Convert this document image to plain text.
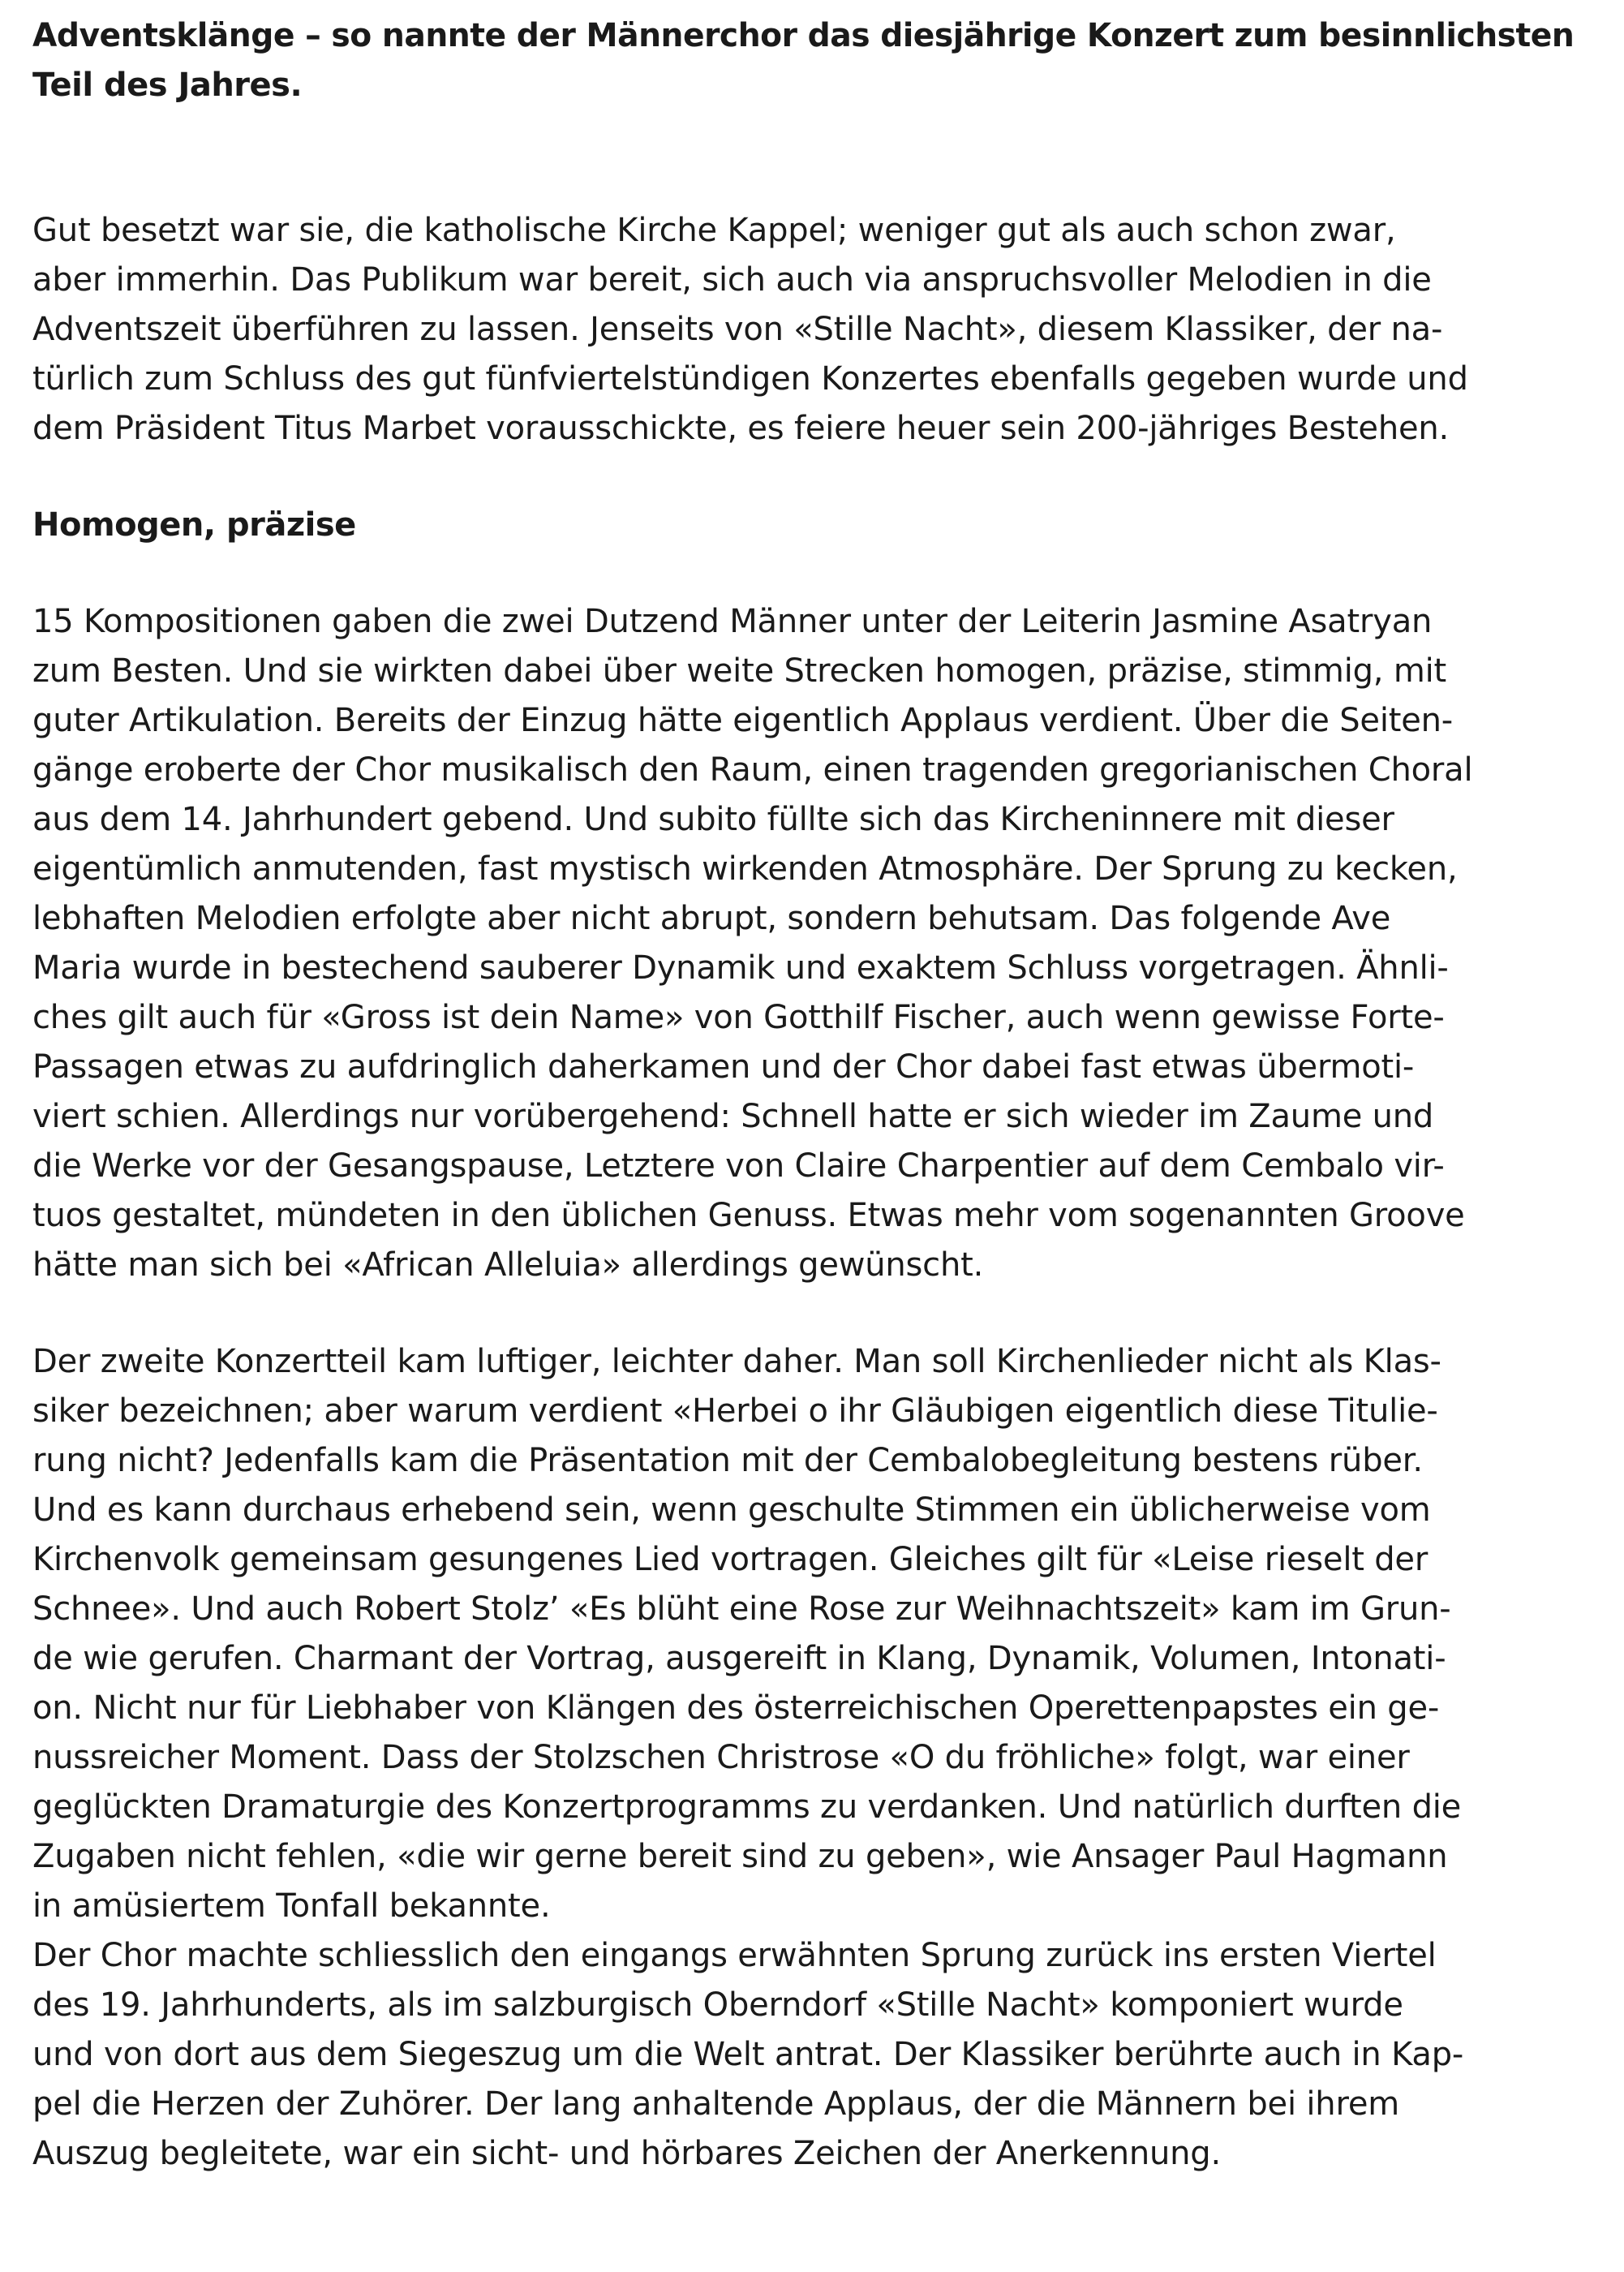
Adventsklänge – so nannte der Männerchor das diesjährige Konzert zum besinnlichsten
Teil des Jahres.
Gut besetzt war sie, die katholische Kirche Kappel; weniger gut als auch schon zwar,
aber immerhin. Das Publikum war bereit, sich auch via anspruchsvoller Melodien in die
Adventszeit überführen zu lassen. Jenseits von «Stille Nacht», diesem Klassiker, der na-
türlich zum Schluss des gut fünfviertelstündigen Konzertes ebenfalls gegeben wurde und
dem Präsident Titus Marbet vorausschickte, es feiere heuer sein 200-jähriges Bestehen.
Homogen, präzise
15 Kompositionen gaben die zwei Dutzend Männer unter der Leiterin Jasmine Asatryan
zum Besten. Und sie wirkten dabei über weite Strecken homogen, präzise, stimmig, mit
guter Artikulation. Bereits der Einzug hätte eigentlich Applaus verdient. Über die Seiten-
gänge eroberte der Chor musikalisch den Raum, einen tragenden gregorianischen Choral
aus dem 14. Jahrhundert gebend. Und subito füllte sich das Kircheninnere mit dieser
eigentümlich anmutenden, fast mystisch wirkenden Atmosphäre. Der Sprung zu kecken,
lebhaften Melodien erfolgte aber nicht abrupt, sondern behutsam. Das folgende Ave
Maria wurde in bestechend sauberer Dynamik und exaktem Schluss vorgetragen. Ähnli-
ches gilt auch für «Gross ist dein Name» von Gotthilf Fischer, auch wenn gewisse Forte-
Passagen etwas zu aufdringlich daherkamen und der Chor dabei fast etwas übermoti-
viert schien. Allerdings nur vorübergehend: Schnell hatte er sich wieder im Zaume und
die Werke vor der Gesangspause, Letztere von Claire Charpentier auf dem Cembalo vir-
tuos gestaltet, mündeten in den üblichen Genuss. Etwas mehr vom sogenannten Groove
hätte man sich bei «African Alleluia» allerdings gewünscht.
Der zweite Konzertteil kam luftiger, leichter daher. Man soll Kirchenlieder nicht als Klas-
siker bezeichnen; aber warum verdient «Herbei o ihr Gläubigen eigentlich diese Titulie-
rung nicht? Jedenfalls kam die Präsentation mit der Cembalobegleitung bestens rüber.
Und es kann durchaus erhebend sein, wenn geschulte Stimmen ein üblicherweise vom
Kirchenvolk gemeinsam gesungenes Lied vortragen. Gleiches gilt für «Leise rieselt der
Schnee». Und auch Robert Stolz’ «Es blüht eine Rose zur Weihnachtszeit» kam im Grun-
de wie gerufen. Charmant der Vortrag, ausgereift in Klang, Dynamik, Volumen, Intonati-
on. Nicht nur für Liebhaber von Klängen des österreichischen Operettenpapstes ein ge-
nussreicher Moment. Dass der Stolzschen Christrose «O du fröhliche» folgt, war einer
geglückten Dramaturgie des Konzertprogramms zu verdanken. Und natürlich durften die
Zugaben nicht fehlen, «die wir gerne bereit sind zu geben», wie Ansager Paul Hagmann
in amüsiertem Tonfall bekannte.
Der Chor machte schliesslich den eingangs erwähnten Sprung zurück ins ersten Viertel
des 19. Jahrhunderts, als im salzburgisch Oberndorf «Stille Nacht» komponiert wurde
und von dort aus dem Siegeszug um die Welt antrat. Der Klassiker berührte auch in Kap-
pel die Herzen der Zuhörer. Der lang anhaltende Applaus, der die Männern bei ihrem
Auszug begleitete, war ein sicht- und hörbares Zeichen der Anerkennung.
